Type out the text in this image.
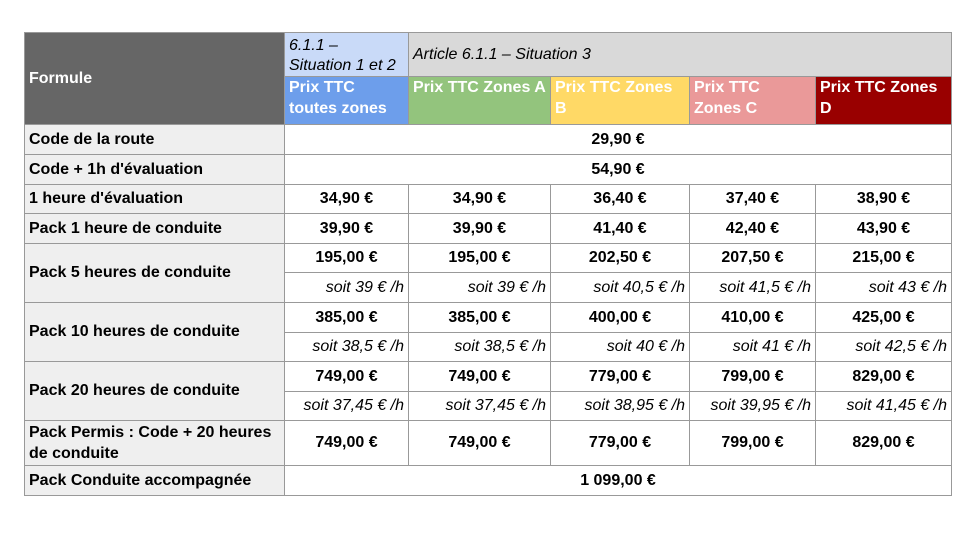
Formule	6.1.1 – Situation 1 et 2	Article 6.1.1 – Situation 3			
	Prix TTC toutes zones	Prix TTC Zones A	Prix TTC Zones B	Prix TTC Zones C	Prix TTC Zones D
Code de la route	29,90 €				
Code + 1h d'évaluation	54,90 €				
1 heure d'évaluation	34,90 €	34,90 €	36,40 €	37,40 €	38,90 €
Pack 1 heure de conduite	39,90 €	39,90 €	41,40 €	42,40 €	43,90 €
Pack 5 heures de conduite	195,00 €	195,00 €	202,50 €	207,50 €	215,00 €
	soit 39 € /h	soit 39 € /h	soit 40,5 € /h	soit 41,5 € /h	soit 43 € /h
Pack 10 heures de conduite	385,00 €	385,00 €	400,00 €	410,00 €	425,00 €
	soit 38,5 € /h	soit 38,5 € /h	soit 40 € /h	soit 41 € /h	soit 42,5 € /h
Pack 20 heures de conduite	749,00 €	749,00 €	779,00 €	799,00 €	829,00 €
	soit 37,45 € /h	soit 37,45 € /h	soit 38,95 € /h	soit 39,95 € /h	soit 41,45 € /h
Pack Permis : Code + 20 heures de conduite	749,00 €	749,00 €	779,00 €	799,00 €	829,00 €
Pack Conduite accompagnée	1 099,00 €				
